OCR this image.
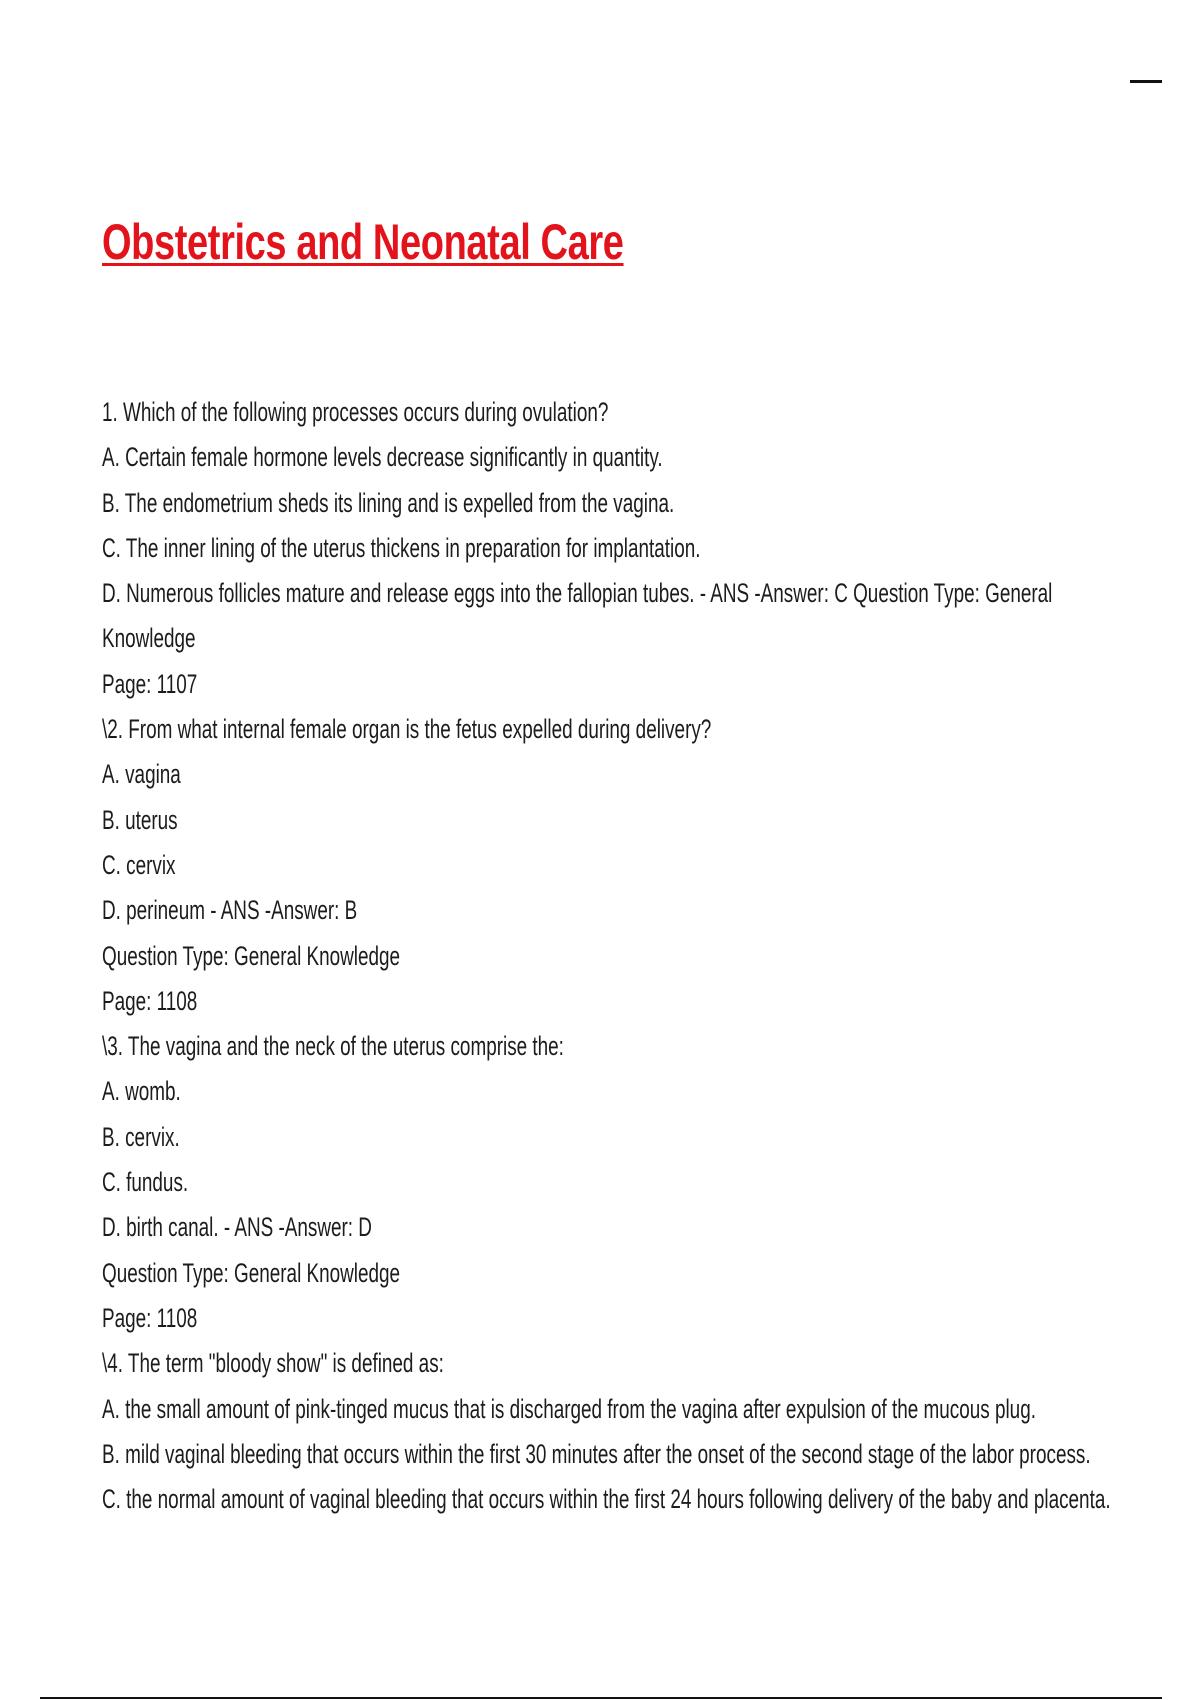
Obstetrics and Neonatal Care
1. Which of the following processes occurs during ovulation?
A. Certain female hormone levels decrease significantly in quantity.
B. The endometrium sheds its lining and is expelled from the vagina.
C. The inner lining of the uterus thickens in preparation for implantation.
D. Numerous follicles mature and release eggs into the fallopian tubes. - ANS -Answer: C Question Type: General
Knowledge
Page: 1107
\2. From what internal female organ is the fetus expelled during delivery?
A. vagina
B. uterus
C. cervix
D. perineum - ANS -Answer: B
Question Type: General Knowledge
Page: 1108
\3. The vagina and the neck of the uterus comprise the:
A. womb.
B. cervix.
C. fundus.
D. birth canal. - ANS -Answer: D
Question Type: General Knowledge
Page: 1108
\4. The term "bloody show" is defined as:
A. the small amount of pink-tinged mucus that is discharged from the vagina after expulsion of the mucous plug.
B. mild vaginal bleeding that occurs within the first 30 minutes after the onset of the second stage of the labor process.
C. the normal amount of vaginal bleeding that occurs within the first 24 hours following delivery of the baby and placenta.
